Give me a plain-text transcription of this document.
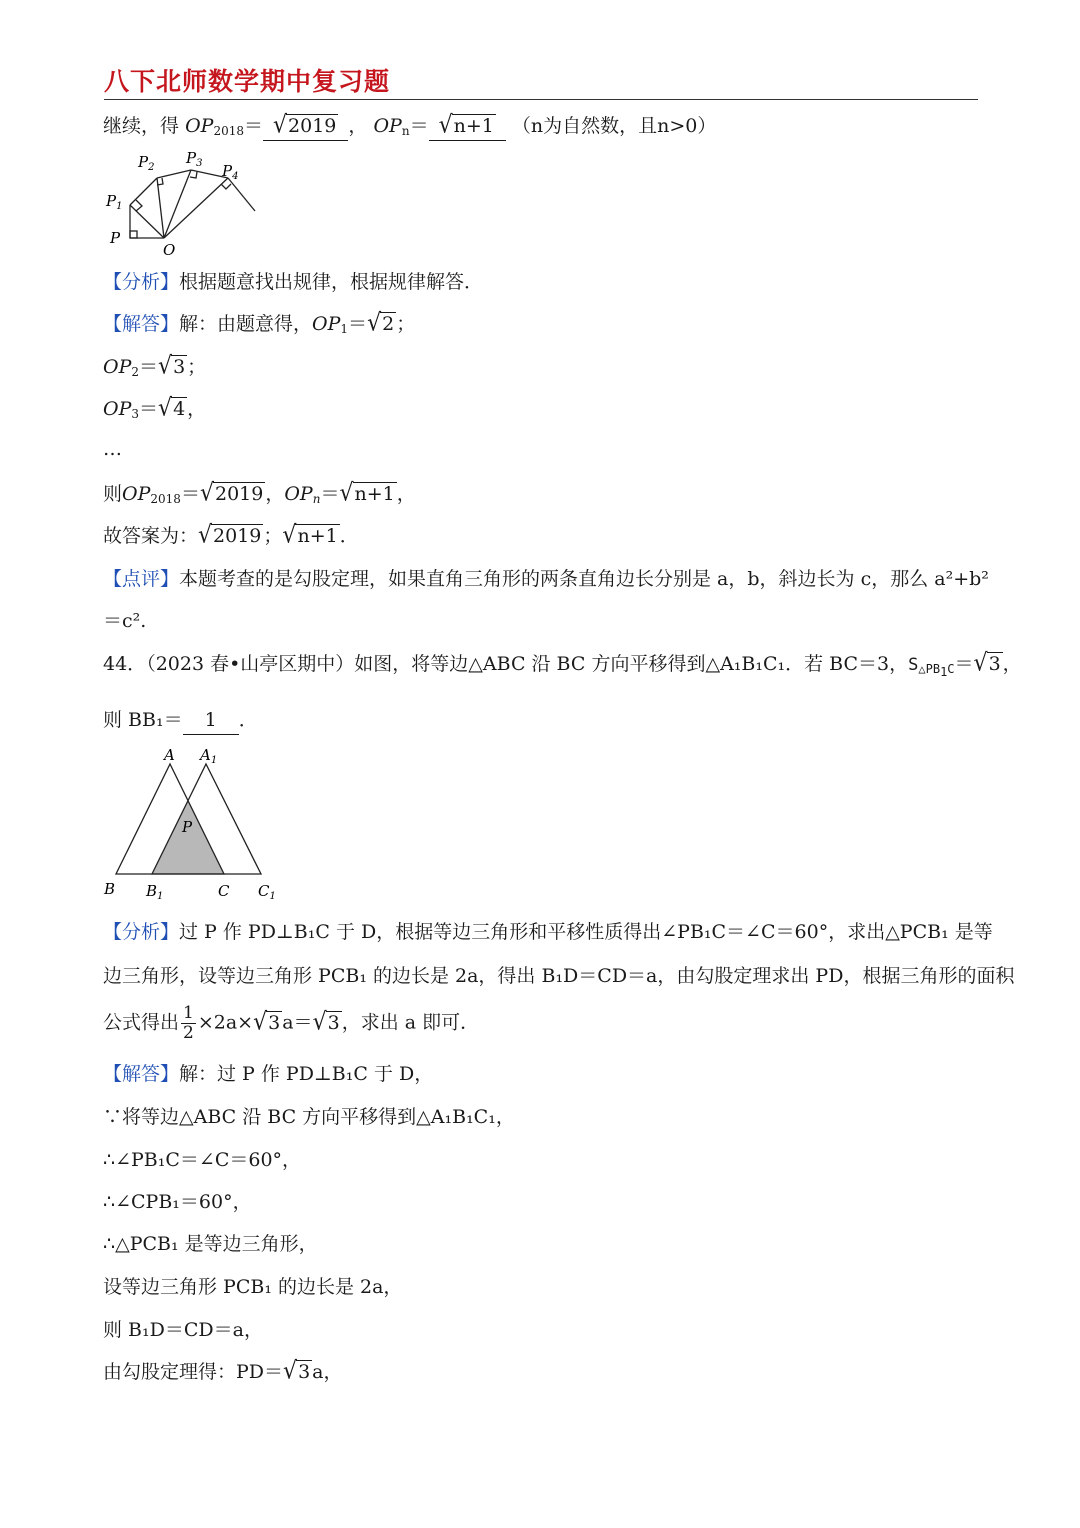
八下北师数学期中复习题
继续，得 $OP_{2018}= √2019$ ， $OP_n= √n+1$ （n为自然数，且n>0）
P
$P_1$
$P_2$
$P_3$ $P_4$
O
【分析】根据题意找出规律，根据规律解答．
【解答】解：由题意得，$OP_1=√2$ ；
$OP_2=√3$ ；
$OP_3=√4$ ，
…
则$OP_{2018}=√2019$ ，$OP_n=√n+1$ ，
故答案为：√2019 ；√n+1 ．
【点评】本题考查的是勾股定理，如果直角三角形的两条直角边长分别是 a，b，斜边长为 c，那么 a²+b²
＝c².
44．（2023 春•山亭区期中）如图，将等边△ABC 沿 BC 方向平移得到△A₁B₁C₁．若 BC＝3，$S_{\triangle PB_1C}=√3$ ，
则 BB₁＝ 1 ．
A $A_1$
P
B $B_1$	C $C_1$
【分析】过 P 作 PD⊥B₁C 于 D，根据等边三角形和平移性质得出∠PB₁C＝∠C＝60°，求出△PCB₁ 是等
边三角形，设等边三角形 PCB₁ 的边长是 2a，得出 B₁D＝CD＝a，由勾股定理求出 PD，根据三角形的面积
公式得出 $\frac{1}{2} \times 2a\times√3$ a＝√3 ，求出 a 即可．
【解答】解：过 P 作 PD⊥B₁C 于 D，
∵将等边△ABC 沿 BC 方向平移得到△A₁B₁C₁，
∴∠PB₁C＝∠C＝60°，
∴∠CPB₁＝60°，
∴△PCB₁ 是等边三角形，
设等边三角形 PCB₁ 的边长是 2a，
则 B₁D＝CD＝a，
由勾股定理得：PD＝√3 a，
